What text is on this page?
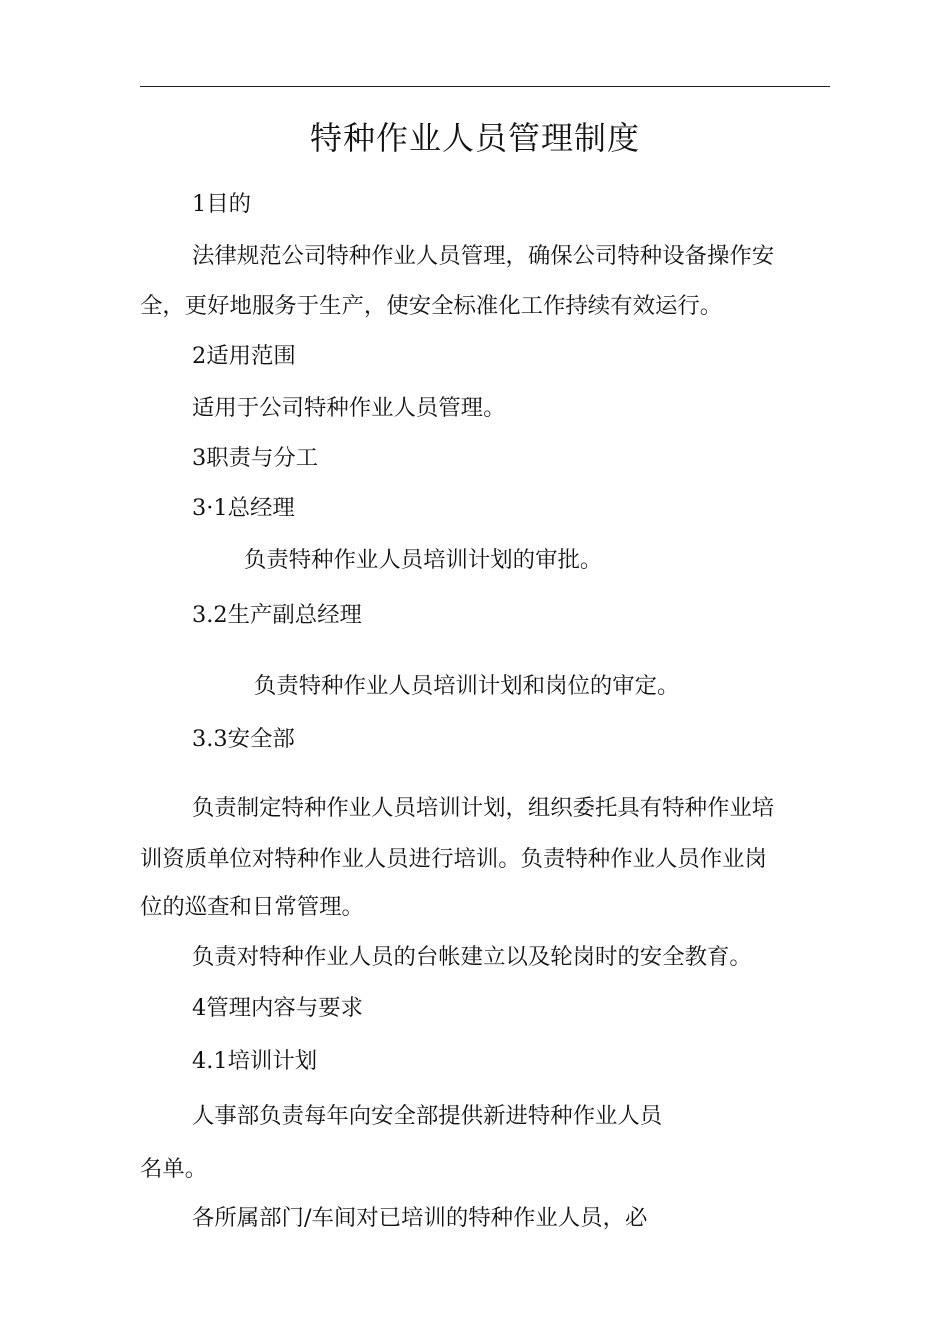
特种作业人员管理制度
1目的
法律规范公司特种作业人员管理，确保公司特种设备操作安
全，更好地服务于生产，使安全标准化工作持续有效运行。
2适用范围
适用于公司特种作业人员管理。
3职责与分工
3·1总经理
负责特种作业人员培训计划的审批。
3.2生产副总经理
负责特种作业人员培训计划和岗位的审定。
3.3安全部
负责制定特种作业人员培训计划，组织委托具有特种作业培
训资质单位对特种作业人员进行培训。负责特种作业人员作业岗
位的巡查和日常管理。
负责对特种作业人员的台帐建立以及轮岗时的安全教育。
4管理内容与要求
4.1培训计划
人事部负责每年向安全部提供新进特种作业人员
名单。
各所属部门/车间对已培训的特种作业人员，必
